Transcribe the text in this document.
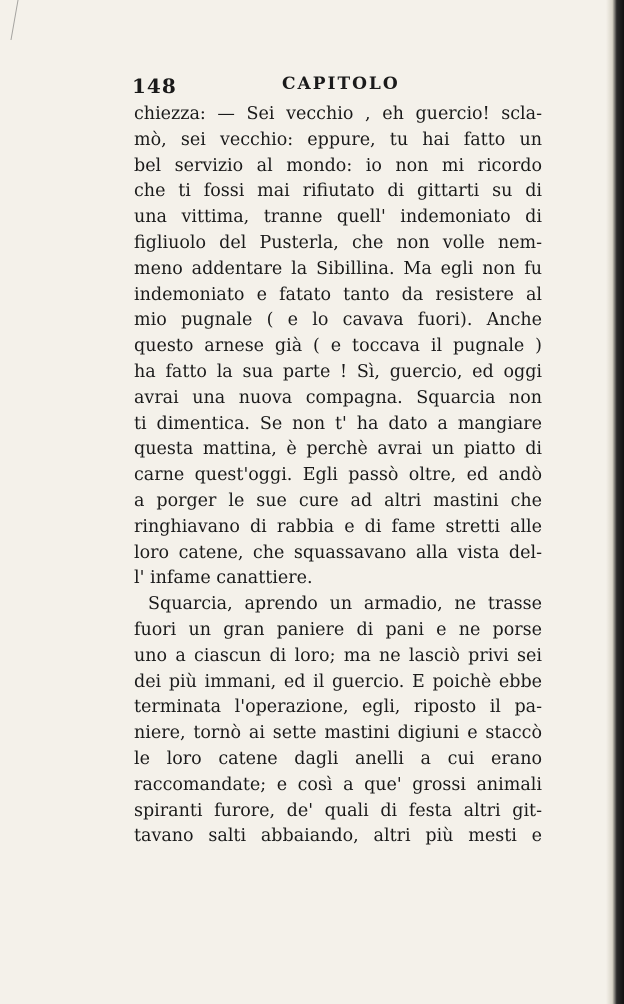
148	CAPITOLO
chiezza: — Sei vecchio , eh guercio! scla-
mò, sei vecchio: eppure, tu hai fatto un
bel servizio al mondo: io non mi ricordo
che ti fossi mai rifiutato di gittarti su di
una vittima, tranne quell' indemoniato di
figliuolo del Pusterla, che non volle nem-
meno addentare la Sibillina. Ma egli non fu
indemoniato e fatato tanto da resistere al
mio pugnale ( e lo cavava fuori). Anche
questo arnese già ( e toccava il pugnale )
ha fatto la sua parte ! Sì, guercio, ed oggi
avrai una nuova compagna. Squarcia non
ti dimentica. Se non t' ha dato a mangiare
questa mattina, è perchè avrai un piatto di
carne quest'oggi. Egli passò oltre, ed andò
a porger le sue cure ad altri mastini che
ringhiavano di rabbia e di fame stretti alle
loro catene, che squassavano alla vista del-
l' infame canattiere.
Squarcia, aprendo un armadio, ne trasse
fuori un gran paniere di pani e ne porse
uno a ciascun di loro; ma ne lasciò privi sei
dei più immani, ed il guercio. E poichè ebbe
terminata l'operazione, egli, riposto il pa-
niere, tornò ai sette mastini digiuni e staccò
le loro catene dagli anelli a cui erano
raccomandate; e così a que' grossi animali
spiranti furore, de' quali di festa altri git-
tavano salti abbaiando, altri più mesti e
